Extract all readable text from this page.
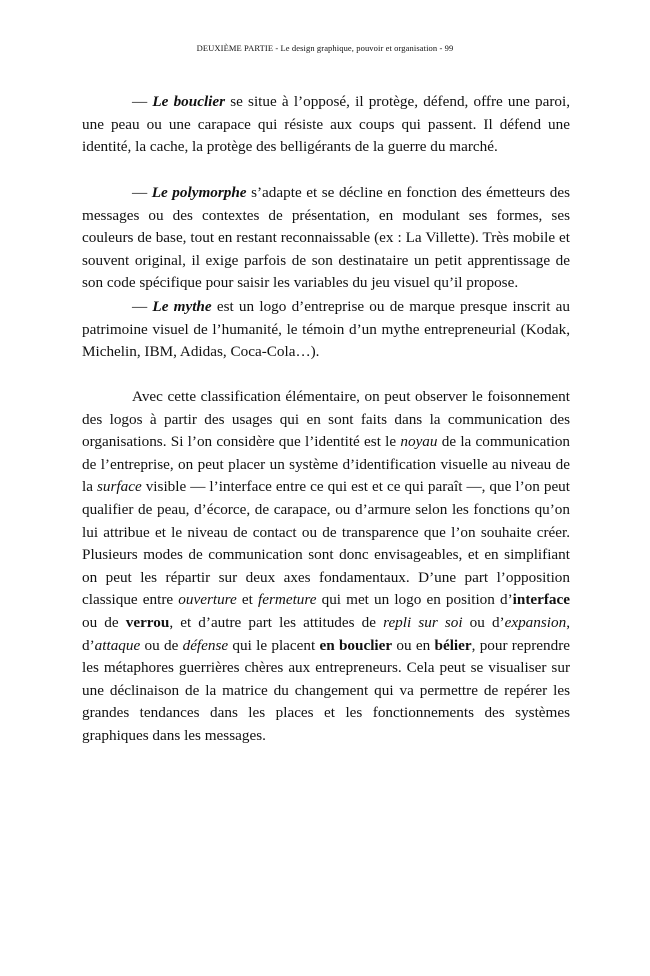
DEUXIÈME PARTIE - Le design graphique, pouvoir et organisation - 99

— Le bouclier se situe à l’opposé, il protège, défend, offre une paroi, une peau ou une carapace qui résiste aux coups qui passent. Il défend une identité, la cache, la protège des belligérants de la guerre du marché.

— Le polymorphe s’adapte et se décline en fonction des émetteurs des messages ou des contextes de présentation, en modulant ses formes, ses couleurs de base, tout en restant reconnaissable (ex : La Villette). Très mobile et souvent original, il exige parfois de son destinataire un petit apprentissage de son code spécifique pour saisir les variables du jeu visuel qu’il propose.

— Le mythe est un logo d’entreprise ou de marque presque inscrit au patrimoine visuel de l’humanité, le témoin d’un mythe entrepreneurial (Kodak, Michelin, IBM, Adidas, Coca-Cola…).

Avec cette classification élémentaire, on peut observer le foisonnement des logos à partir des usages qui en sont faits dans la communication des organisations. Si l’on considère que l’identité est le noyau de la communication de l’entreprise, on peut placer un système d’identification visuelle au niveau de la surface visible — l’interface entre ce qui est et ce qui paraît —, que l’on peut qualifier de peau, d’écorce, de carapace, ou d’armure selon les fonctions qu’on lui attribue et le niveau de contact ou de transparence que l’on souhaite créer. Plusieurs modes de communication sont donc envisageables, et en simplifiant on peut les répartir sur deux axes fondamentaux. D’une part l’opposition classique entre ouverture et fermeture qui met un logo en position d’interface ou de verrou, et d’autre part les attitudes de repli sur soi ou d’expansion, d’attaque ou de défense qui le placent en bouclier ou en bélier, pour reprendre les métaphores guerrières chères aux entrepreneurs. Cela peut se visualiser sur une déclinaison de la matrice du changement qui va permettre de repérer les grandes tendances dans les places et les fonctionnements des systèmes graphiques dans les messages.
